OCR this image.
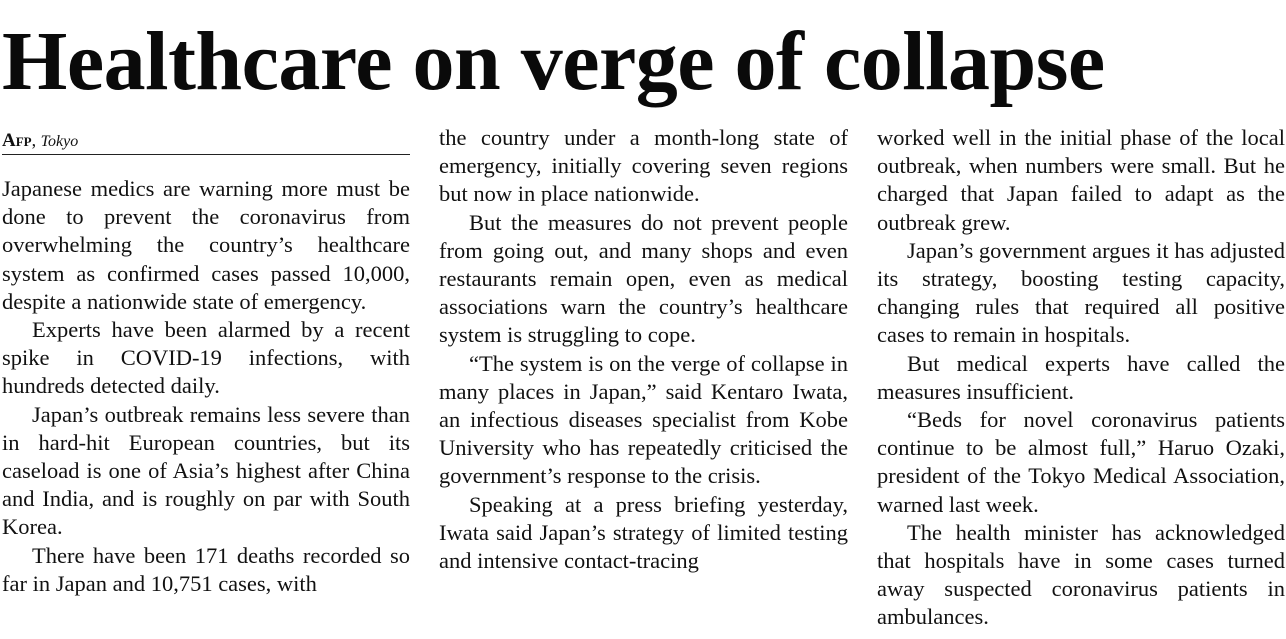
Healthcare on verge of collapse
Afp, Tokyo

Japanese medics are warning more must be done to prevent the coronavirus from overwhelming the country’s healthcare system as confirmed cases passed 10,000, despite a nationwide state of emergency.

Experts have been alarmed by a recent spike in COVID-19 infections, with hundreds detected daily.

Japan’s outbreak remains less severe than in hard-hit European countries, but its caseload is one of Asia’s highest after China and India, and is roughly on par with South Korea.

There have been 171 deaths recorded so far in Japan and 10,751 cases, with

the country under a month-long state of emergency, initially covering seven regions but now in place nationwide.

But the measures do not prevent people from going out, and many shops and even restaurants remain open, even as medical associations warn the country’s healthcare system is struggling to cope.

“The system is on the verge of collapse in many places in Japan,” said Kentaro Iwata, an infectious diseases specialist from Kobe University who has repeatedly criticised the government’s response to the crisis.

Speaking at a press briefing yesterday, Iwata said Japan’s strategy of limited testing and intensive contact-tracing

worked well in the initial phase of the local outbreak, when numbers were small. But he charged that Japan failed to adapt as the outbreak grew.

Japan’s government argues it has adjusted its strategy, boosting testing capacity, changing rules that required all positive cases to remain in hospitals.

But medical experts have called the measures insufficient.

“Beds for novel coronavirus patients continue to be almost full,” Haruo Ozaki, president of the Tokyo Medical Association, warned last week.

The health minister has acknowledged that hospitals have in some cases turned away suspected coronavirus patients in ambulances.
